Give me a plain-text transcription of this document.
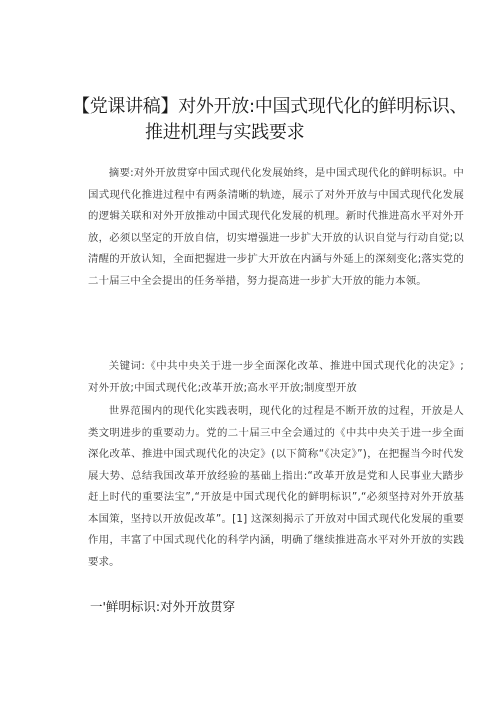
【党课讲稿】对外开放:中国式现代化的鲜明标识、
推进机理与实践要求

摘要:对外开放贯穿中国式现代化发展始终，是中国式现代化的鲜明标识。中国式现代化推进过程中有两条清晰的轨迹，展示了对外开放与中国式现代化发展的逻辑关联和对外开放推动中国式现代化发展的机理。新时代推进高水平对外开放，必须以坚定的开放自信，切实增强进一步扩大开放的认识自觉与行动自觉;以清醒的开放认知，全面把握进一步扩大开放在内涵与外延上的深刻变化;落实党的二十届三中全会提出的任务举措，努力提高进一步扩大开放的能力本领。

关键词:《中共中央关于进一步全面深化改革、推进中国式现代化的决定》;对外开放;中国式现代化;改革开放;高水平开放;制度型开放

世界范围内的现代化实践表明，现代化的过程是不断开放的过程，开放是人类文明进步的重要动力。党的二十届三中全会通过的《中共中央关于进一步全面深化改革、推进中国式现代化的决定》(以下简称“《决定》”)，在把握当今时代发展大势、总结我国改革开放经验的基础上指出:“改革开放是党和人民事业大踏步赶上时代的重要法宝”,“开放是中国式现代化的鲜明标识”,“必须坚持对外开放基本国策，坚持以开放促改革”。[1] 这深刻揭示了开放对中国式现代化发展的重要作用，丰富了中国式现代化的科学内涵，明确了继续推进高水平对外开放的实践要求。

一'鲜明标识:对外开放贯穿
